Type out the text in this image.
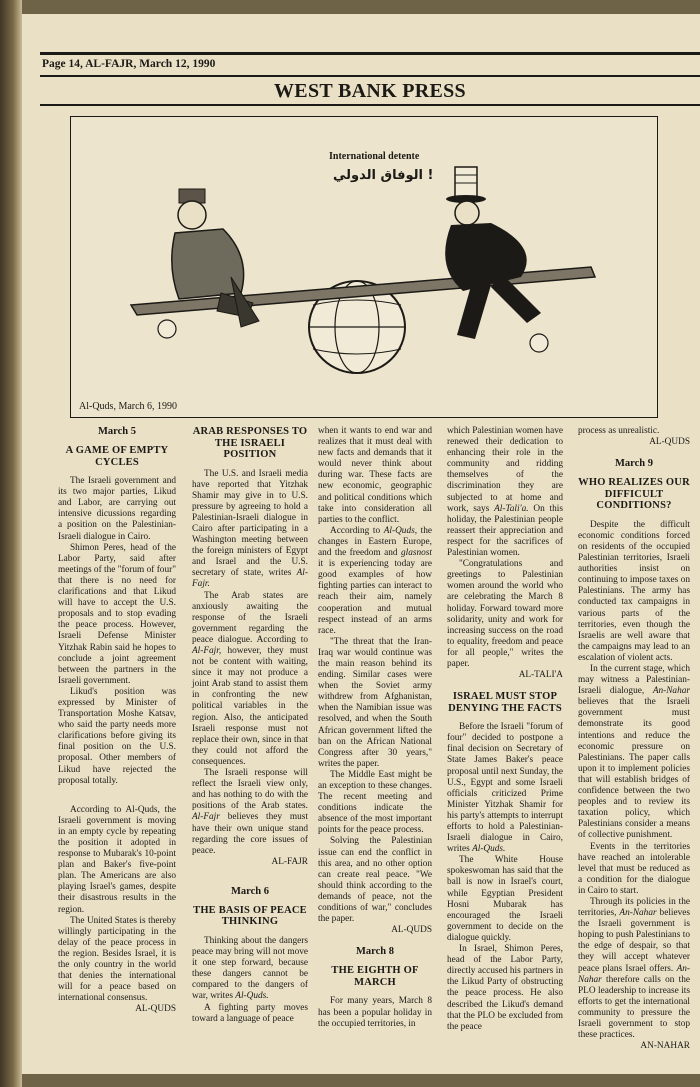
Page 14, AL-FAJR, March 12, 1990
WEST BANK PRESS
International detente
الوفاق الدولي !
Al-Quds, March 6, 1990

March 5

A GAME OF EMPTY CYCLES

The Israeli government and its two major parties, Likud and Labor, are carrying out intensive dicussions regarding a position on the Palestinian-Israeli dialogue in Cairo.

Shimon Peres, head of the Labor Party, said after meetings of the "forum of four" that there is no need for clarifications and that Likud will have to accept the U.S. proposals and to stop evading the peace process. However, Israeli Defense Minister Yitzhak Rabin said he hopes to conclude a joint agreement between the partners in the Israeli government.

Likud's position was expressed by Minister of Transportation Moshe Katsav, who said the party needs more clarifications before giving its final position on the U.S. proposal. Other members of Likud have rejected the proposal totally.

According to Al-Quds, the Israeli government is moving in an empty cycle by repeating the position it adopted in response to Mubarak's 10-point plan and Baker's five-point plan. The Americans are also playing Israel's games, despite their disastrous results in the region.

The United States is thereby willingly participating in the delay of the peace process in the region. Besides Israel, it is the only country in the world that denies the international will for a peace based on international consensus.

AL-QUDS

ARAB RESPONSES TO THE ISRAELI POSITION

The U.S. and Israeli media have reported that Yitzhak Shamir may give in to U.S. pressure by agreeing to hold a Palestinian-Israeli dialogue in Cairo after participating in a Washington meeting between the foreign ministers of Egypt and Israel and the U.S. secretary of state, writes Al-Fajr.

The Arab states are anxiously awaiting the response of the Israeli government regarding the peace dialogue. According to Al-Fajr, however, they must not be content with waiting, since it may not produce a joint Arab stand to assist them in confronting the new political variables in the region. Also, the anticipated Israeli response must not replace their own, since in that they could not afford the consequences.

The Israeli response will reflect the Israeli view only, and has nothing to do with the positions of the Arab states. Al-Fajr believes they must have their own unique stand regarding the core issues of peace.

AL-FAJR

March 6

THE BASIS OF PEACE THINKING

Thinking about the dangers peace may bring will not move it one step forward, because these dangers cannot be compared to the dangers of war, writes Al-Quds.

A fighting party moves toward a language of peace

when it wants to end war and realizes that it must deal with new facts and demands that it would never think about during war. These facts are new economic, geographic and political conditions which take into consideration all parties to the conflict.

According to Al-Quds, the changes in Eastern Europe, and the freedom and glasnost it is experiencing today are good examples of how fighting parties can interact to reach their aim, namely cooperation and mutual respect instead of an arms race.

"The threat that the Iran-Iraq war would continue was the main reason behind its ending. Similar cases were when the Soviet army withdrew from Afghanistan, when the Namibian issue was resolved, and when the South African government lifted the ban on the African National Congress after 30 years," writes the paper.

The Middle East might be an exception to these changes. The recent meeting and conditions indicate the absence of the most important points for the peace process.

Solving the Palestinian issue can end the conflict in this area, and no other option can create real peace. "We should think according to the demands of peace, not the conditions of war," concludes the paper.

AL-QUDS

March 8

THE EIGHTH OF MARCH

For many years, March 8 has been a popular holiday in the occupied territories, in

which Palestinian women have renewed their dedication to enhancing their role in the community and ridding themselves of the discrimination they are subjected to at home and work, says Al-Tali'a. On this holiday, the Palestinian people reassert their appreciation and respect for the sacrifices of Palestinian women.

"Congratulations and greetings to Palestinian women around the world who are celebrating the March 8 holiday. Forward toward more solidarity, unity and work for increasing success on the road to equality, freedom and peace for all people," writes the paper.

AL-TALI'A

ISRAEL MUST STOP DENYING THE FACTS

Before the Israeli "forum of four" decided to postpone a final decision on Secretary of State James Baker's peace proposal until next Sunday, the U.S., Egypt and some Israeli officials criticized Prime Minister Yitzhak Shamir for his party's attempts to interrupt efforts to hold a Palestinian-Israeli dialogue in Cairo, writes Al-Quds.

The White House spokeswoman has said that the ball is now in Israel's court, while Egyptian President Hosni Mubarak has encouraged the Israeli government to decide on the dialogue quickly.

In Israel, Shimon Peres, head of the Labor Party, directly accused his partners in the Likud Party of obstructing the peace process. He also described the Likud's demand that the PLO be excluded from the peace

process as unrealistic.

AL-QUDS

March 9

WHO REALIZES OUR DIFFICULT CONDITIONS?

Despite the difficult economic conditions forced on residents of the occupied Palestinian territories, Israeli authorities insist on continuing to impose taxes on Palestinians. The army has conducted tax campaigns in various parts of the territories, even though the Israelis are well aware that the campaigns may lead to an escalation of violent acts.

In the current stage, which may witness a Palestinian-Israeli dialogue, An-Nahar believes that the Israeli government must demonstrate its good intentions and reduce the economic pressure on Palestinians. The paper calls upon it to implement policies that will establish bridges of confidence between the two peoples and to review its taxation policy, which Palestinians consider a means of collective punishment.

Events in the territories have reached an intolerable level that must be reduced as a condition for the dialogue in Cairo to start.

Through its policies in the territories, An-Nahar believes the Israeli government is hoping to push Palestinians to the edge of despair, so that they will accept whatever peace plans Israel offers. An-Nahar therefore calls on the PLO leadership to increase its efforts to get the international community to pressure the Israeli government to stop these practices.

AN-NAHAR
